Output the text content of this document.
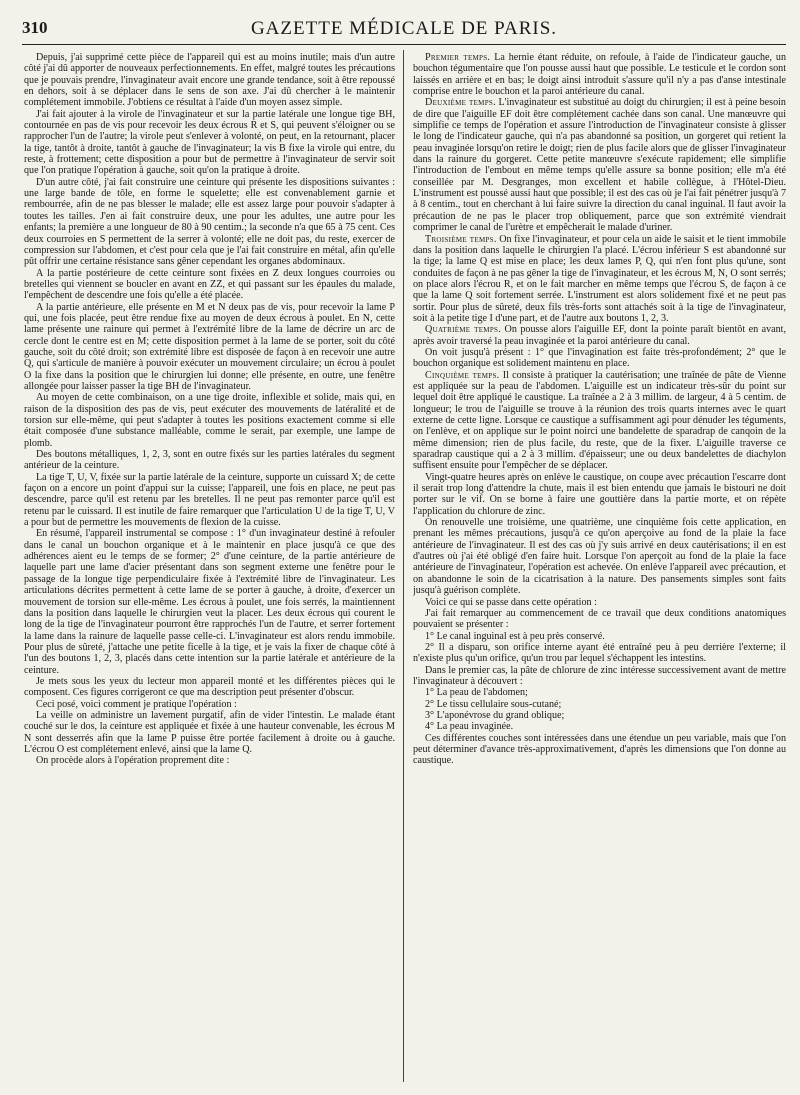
310	GAZETTE MÉDICALE DE PARIS.

Depuis, j'ai supprimé cette pièce de l'appareil qui est au moins inutile; mais d'un autre côté j'ai dû apporter de nouveaux perfectionnements. En effet, malgré toutes les précautions que je pouvais prendre, l'invaginateur avait encore une grande tendance, soit à être repoussé en dehors, soit à se déplacer dans le sens de son axe. J'ai dû chercher à le maintenir complétement immobile. J'obtiens ce résultat à l'aide d'un moyen assez simple.

J'ai fait ajouter à la virole de l'invaginateur et sur la partie latérale une longue tige BH, contournée en pas de vis pour recevoir les deux écrous R et S, qui peuvent s'éloigner ou se rapprocher l'un de l'autre; la virole peut s'enlever à volonté, on peut, en la retournant, placer la tige, tantôt à droite, tantôt à gauche de l'invaginateur; la vis B fixe la virole qui entre, du reste, à frottement; cette disposition a pour but de permettre à l'invaginateur de servir soit que l'on pratique l'opération à gauche, soit qu'on la pratique à droite.

D'un autre côté, j'ai fait construire une ceinture qui présente les dispositions suivantes : une large bande de tôle, en forme le squelette; elle est convenablement garnie et rembourrée, afin de ne pas blesser le malade; elle est assez large pour pouvoir s'adapter à toutes les tailles. J'en ai fait construire deux, une pour les adultes, une autre pour les enfants; la première a une longueur de 80 à 90 centim.; la seconde n'a que 65 à 75 cent. Ces deux courroies en S permettent de la serrer à volonté; elle ne doit pas, du reste, exercer de compression sur l'abdomen, et c'est pour cela que je l'ai fait construire en métal, afin qu'elle pût offrir une certaine résistance sans gêner cependant les organes abdominaux.

A la partie postérieure de cette ceinture sont fixées en Z deux longues courroies ou bretelles qui viennent se boucler en avant en ZZ, et qui passant sur les épaules du malade, l'empêchent de descendre une fois qu'elle a été placée.

A la partie antérieure, elle présente en M et N deux pas de vis, pour recevoir la lame P qui, une fois placée, peut être rendue fixe au moyen de deux écrous à poulet. En N, cette lame présente une rainure qui permet à l'extrémité libre de la lame de décrire un arc de cercle dont le centre est en M; cette disposition permet à la lame de se porter, soit du côté gauche, soit du côté droit; son extrémité libre est disposée de façon à en recevoir une autre Q, qui s'articule de manière à pouvoir exécuter un mouvement circulaire; un écrou à poulet O la fixe dans la position que le chirurgien lui donne; elle présente, en outre, une fenêtre allongée pour laisser passer la tige BH de l'invaginateur.

Au moyen de cette combinaison, on a une tige droite, inflexible et solide, mais qui, en raison de la disposition des pas de vis, peut exécuter des mouvements de latéralité et de torsion sur elle-même, qui peut s'adapter à toutes les positions exactement comme si elle était composée d'une substance malléable, comme le serait, par exemple, une lampe de plomb.

Des boutons métalliques, 1, 2, 3, sont en outre fixés sur les parties latérales du segment antérieur de la ceinture.

La tige T, U, V, fixée sur la partie latérale de la ceinture, supporte un cuissard X; de cette façon on a encore un point d'appui sur la cuisse; l'appareil, une fois en place, ne peut pas descendre, parce qu'il est retenu par les bretelles. Il ne peut pas remonter parce qu'il est retenu par le cuissard. Il est inutile de faire remarquer que l'articulation U de la tige T, U, V a pour but de permettre les mouvements de flexion de la cuisse.

En résumé, l'appareil instrumental se compose : 1° d'un invaginateur destiné à refouler dans le canal un bouchon organique et à le maintenir en place jusqu'à ce que des adhérences aient eu le temps de se former; 2° d'une ceinture, de la partie antérieure de laquelle part une lame d'acier présentant dans son segment externe une fenêtre pour le passage de la longue tige perpendiculaire fixée à l'extrémité libre de l'invaginateur. Les articulations décrites permettent à cette lame de se porter à gauche, à droite, d'exercer un mouvement de torsion sur elle-même. Les écrous à poulet, une fois serrés, la maintiennent dans la position dans laquelle le chirurgien veut la placer. Les deux écrous qui courent le long de la tige de l'invaginateur pourront être rapprochés l'un de l'autre, et serrer fortement la lame dans la rainure de laquelle passe celle-ci. L'invaginateur est alors rendu immobile. Pour plus de sûreté, j'attache une petite ficelle à la tige, et je vais la fixer de chaque côté à l'un des boutons 1, 2, 3, placés dans cette intention sur la partie latérale et antérieure de la ceinture.

Je mets sous les yeux du lecteur mon appareil monté et les différentes pièces qui le composent. Ces figures corrigeront ce que ma description peut présenter d'obscur.

Ceci posé, voici comment je pratique l'opération :

La veille on administre un lavement purgatif, afin de vider l'intestin. Le malade étant couché sur le dos, la ceinture est appliquée et fixée à une hauteur convenable, les écrous M N sont desserrés afin que la lame P puisse être portée facilement à droite ou à gauche. L'écrou O est complétement enlevé, ainsi que la lame Q.

On procède alors à l'opération proprement dite :

Premier temps. La hernie étant réduite, on refoule, à l'aide de l'indicateur gauche, un bouchon tégumentaire que l'on pousse aussi haut que possible. Le testicule et le cordon sont laissés en arrière et en bas; le doigt ainsi introduit s'assure qu'il n'y a pas d'anse intestinale comprise entre le bouchon et la paroi antérieure du canal.

Deuxième temps. L'invaginateur est substitué au doigt du chirurgien; il est à peine besoin de dire que l'aiguille EF doit être complétement cachée dans son canal. Une manœuvre qui simplifie ce temps de l'opération et assure l'introduction de l'invaginateur consiste à glisser le long de l'indicateur gauche, qui n'a pas abandonné sa position, un gorgeret qui retient la peau invaginée lorsqu'on retire le doigt; rien de plus facile alors que de glisser l'invaginateur dans la rainure du gorgeret. Cette petite manœuvre s'exécute rapidement; elle simplifie l'introduction de l'embout en même temps qu'elle assure sa bonne position; elle m'a été conseillée par M. Desgranges, mon excellent et habile collègue, à l'Hôtel-Dieu. L'instrument est poussé aussi haut que possible; il est des cas où je l'ai fait pénétrer jusqu'à 7 à 8 centim., tout en cherchant à lui faire suivre la direction du canal inguinal. Il faut avoir la précaution de ne pas le placer trop obliquement, parce que son extrémité viendrait comprimer le canal de l'urètre et empêcherait le malade d'uriner.

Troisième temps. On fixe l'invaginateur, et pour cela un aide le saisit et le tient immobile dans la position dans laquelle le chirurgien l'a placé. L'écrou inférieur S est abandonné sur la tige; la lame Q est mise en place; les deux lames P, Q, qui n'en font plus qu'une, sont conduites de façon à ne pas gêner la tige de l'invaginateur, et les écrous M, N, O sont serrés; on place alors l'écrou R, et on le fait marcher en même temps que l'écrou S, de façon à ce que la lame Q soit fortement serrée. L'instrument est alors solidement fixé et ne peut pas sortir. Pour plus de sûreté, deux fils très-forts sont attachés soit à la tige de l'invaginateur, soit à la petite tige I d'une part, et de l'autre aux boutons 1, 2, 3.

Quatrième temps. On pousse alors l'aiguille EF, dont la pointe paraît bientôt en avant, après avoir traversé la peau invaginée et la paroi antérieure du canal.

On voit jusqu'à présent : 1° que l'invagination est faite très-profondément; 2° que le bouchon organique est solidement maintenu en place.

Cinquième temps. Il consiste à pratiquer la cautérisation; une traînée de pâte de Vienne est appliquée sur la peau de l'abdomen. L'aiguille est un indicateur très-sûr du point sur lequel doit être appliqué le caustique. La traînée a 2 à 3 millim. de largeur, 4 à 5 centim. de longueur; le trou de l'aiguille se trouve à la réunion des trois quarts internes avec le quart externe de cette ligne. Lorsque ce caustique a suffisamment agi pour dénuder les téguments, on l'enlève, et on applique sur le point noirci une bandelette de sparadrap de canqoin de la même dimension; rien de plus facile, du reste, que de la fixer. L'aiguille traverse ce sparadrap caustique qui a 2 à 3 millim. d'épaisseur; une ou deux bandelettes de diachylon suffisent ensuite pour l'empêcher de se déplacer.

Vingt-quatre heures après on enlève le caustique, on coupe avec précaution l'escarre dont il serait trop long d'attendre la chute, mais il est bien entendu que jamais le bistouri ne doit porter sur le vif. On se borne à faire une gouttière dans la partie morte, et on répète l'application du chlorure de zinc.

On renouvelle une troisième, une quatrième, une cinquième fois cette application, en prenant les mêmes précautions, jusqu'à ce qu'on aperçoive au fond de la plaie la face antérieure de l'invaginateur. Il est des cas où j'y suis arrivé en deux cautérisations; il en est d'autres où j'ai été obligé d'en faire huit. Lorsque l'on aperçoit au fond de la plaie la face antérieure de l'invaginateur, l'opération est achevée. On enlève l'appareil avec précaution, et on abandonne le soin de la cicatrisation à la nature. Des pansements simples sont faits jusqu'à guérison complète.

Voici ce qui se passe dans cette opération :

J'ai fait remarquer au commencement de ce travail que deux conditions anatomiques pouvaient se présenter :

1° Le canal inguinal est à peu près conservé.

2° Il a disparu, son orifice interne ayant été entraîné peu à peu derrière l'externe; il n'existe plus qu'un orifice, qu'un trou par lequel s'échappent les intestins.

Dans le premier cas, la pâte de chlorure de zinc intéresse successivement avant de mettre l'invaginateur à découvert :

1° La peau de l'abdomen;

2° Le tissu cellulaire sous-cutané;

3° L'aponévrose du grand oblique;

4° La peau invaginée.

Ces différentes couches sont intéressées dans une étendue un peu variable, mais que l'on peut déterminer d'avance très-approximativement, d'après les dimensions que l'on donne au caustique.
